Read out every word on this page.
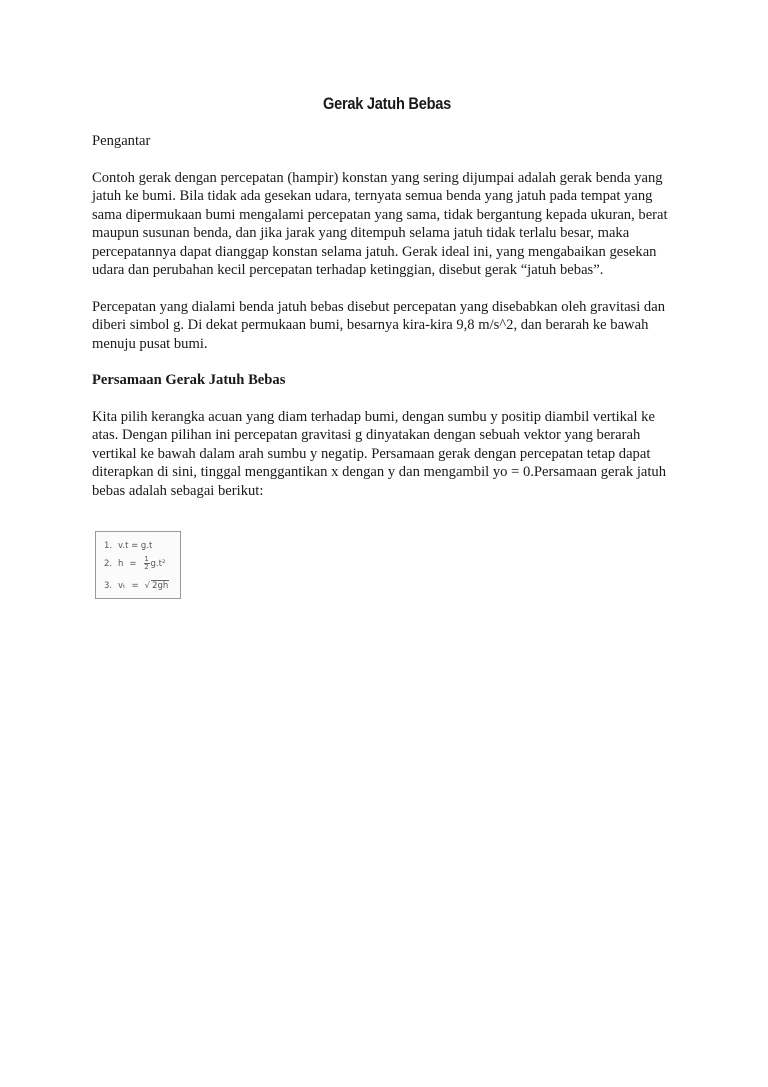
Gerak Jatuh Bebas
Pengantar
Contoh gerak dengan percepatan (hampir) konstan yang sering dijumpai adalah gerak benda yang jatuh ke bumi. Bila tidak ada gesekan udara, ternyata semua benda yang jatuh pada tempat yang sama dipermukaan bumi mengalami percepatan yang sama, tidak bergantung kepada ukuran, berat maupun susunan benda, dan jika jarak yang ditempuh selama jatuh tidak terlalu besar, maka percepatannya dapat dianggap konstan selama jatuh. Gerak ideal ini, yang mengabaikan gesekan udara dan perubahan kecil percepatan terhadap ketinggian, disebut gerak “jatuh bebas”.
Percepatan yang dialami benda jatuh bebas disebut percepatan yang disebabkan oleh gravitasi dan diberi simbol g. Di dekat permukaan bumi, besarnya kira-kira 9,8 m/s^2, dan berarah ke bawah menuju pusat bumi.
Persamaan Gerak Jatuh Bebas
Kita pilih kerangka acuan yang diam terhadap bumi, dengan sumbu y positip diambil vertikal ke atas. Dengan pilihan ini percepatan gravitasi g dinyatakan dengan sebuah vektor yang berarah vertikal ke bawah dalam arah sumbu y negatip. Persamaan gerak dengan percepatan tetap dapat diterapkan di sini, tinggal menggantikan x dengan y dan mengambil yo = 0.Persamaan gerak jatuh bebas adalah sebagai berikut:
1. v.t = g.t
2. $h = \frac{1}{2} g.t^2$
3. vₜ = √ 2gh
